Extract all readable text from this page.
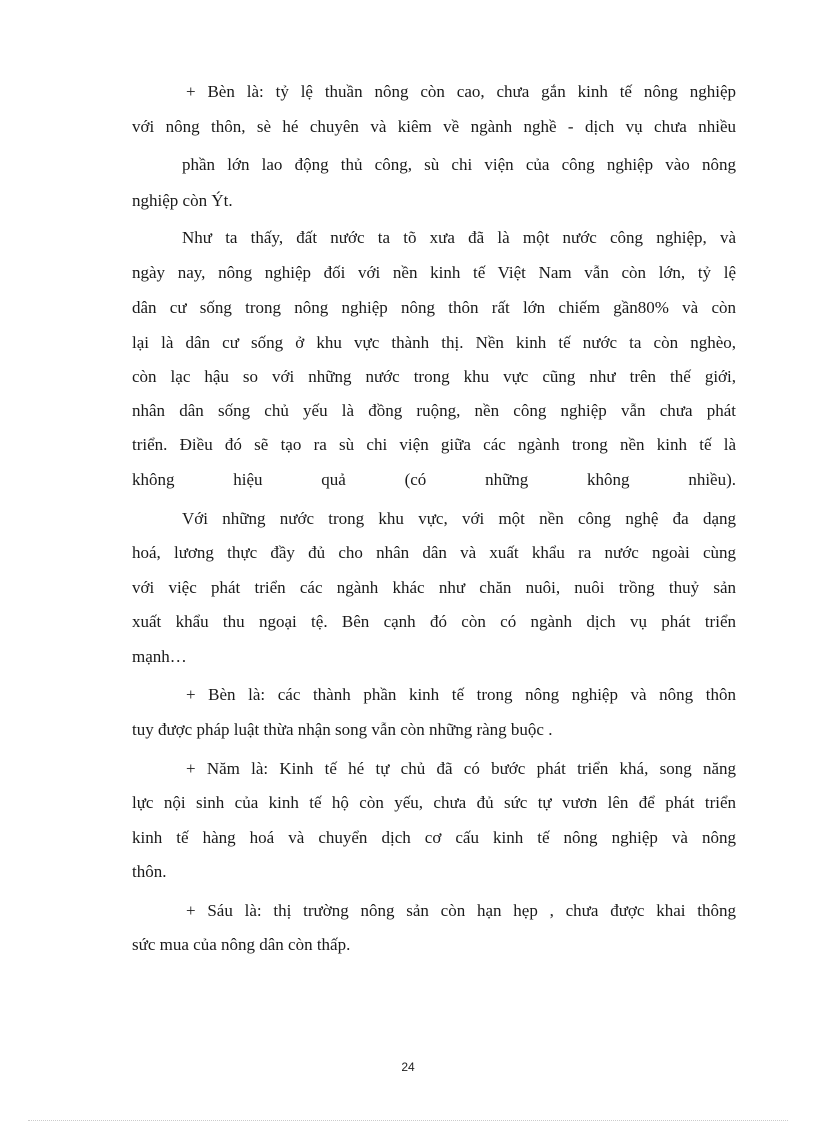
+ Bèn là: tỷ lệ thuần nông còn cao, chưa gắn kinh tế nông nghiệp
với nông thôn, sè hé chuyên và kiêm về ngành nghề - dịch vụ chưa nhiều
phần lớn lao động thủ công, sù chi viện của công nghiệp vào nông
nghiệp còn Ýt.
Như ta thấy, đất nước ta tõ xưa đã là một nước công nghiệp, và
ngày nay, nông nghiệp đối với nền kinh tế Việt Nam vẫn còn lớn, tỷ lệ
dân cư sống trong nông nghiệp nông thôn rất lớn chiếm gần80% và còn
lại là dân cư sống ở khu vực thành thị. Nền kinh tế nước ta còn nghèo,
còn lạc hậu so với những nước trong khu vực cũng như trên thế giới,
nhân dân sống chủ yếu là đồng ruộng, nền công nghiệp vẫn chưa phát
triển. Điều đó sẽ tạo ra sù chi viện giữa các ngành trong nền kinh tế là
không hiệu quả (có những không nhiều).
Với những nước trong khu vực, với một nền công nghệ đa dạng
hoá, lương thực đầy đủ cho nhân dân và xuất khẩu ra nước ngoài cùng
với việc phát triển các ngành khác như chăn nuôi, nuôi trồng thuỷ sản
xuất khẩu thu ngoại tệ. Bên cạnh đó còn có ngành dịch vụ phát triển
mạnh…
+ Bèn là: các thành phần kinh tế trong nông nghiệp và nông thôn
tuy được pháp luật thừa nhận song vẫn còn những ràng buộc .
+ Năm là: Kinh tế hé tự chủ đã có bước phát triển khá, song năng
lực nội sinh của kinh tế hộ còn yếu, chưa đủ sức tự vươn lên để phát triển
kinh tế hàng hoá và chuyển dịch cơ cấu kinh tế nông nghiệp và nông
thôn.
+ Sáu là: thị trường nông sản còn hạn hẹp , chưa được khai thông
sức mua của nông dân còn thấp.
24
